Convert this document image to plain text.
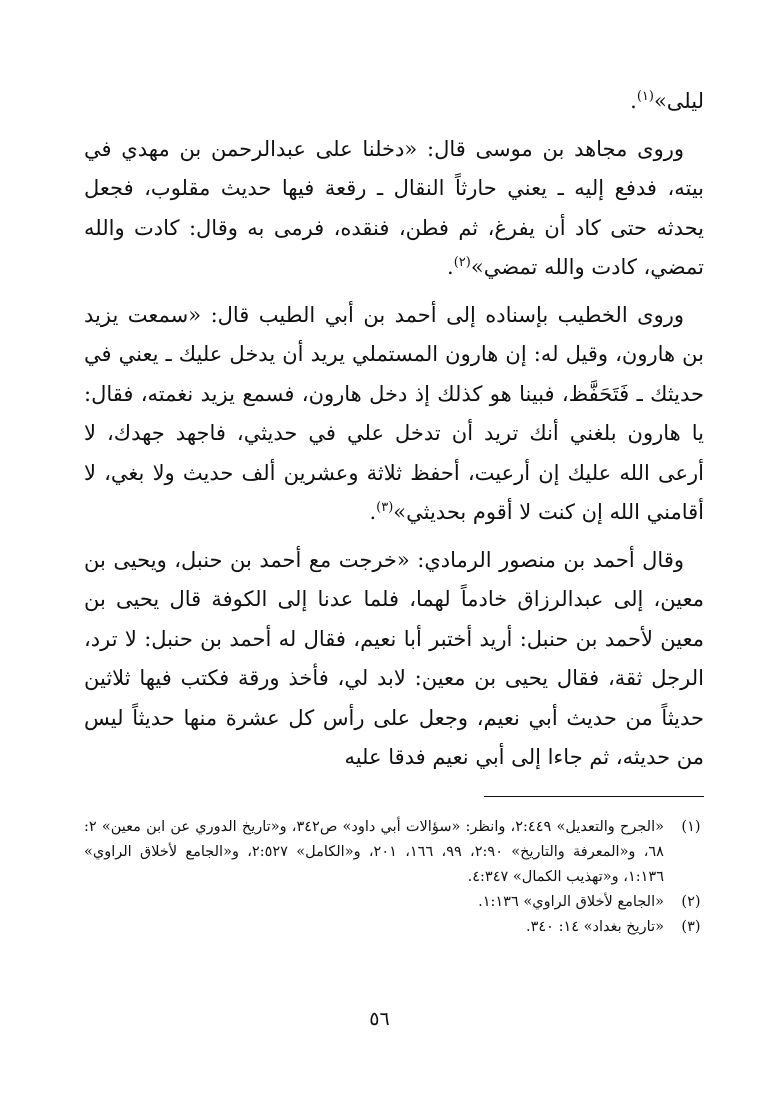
ليلى»$^{(١)}$.

وروى مجاهد بن موسى قال: «دخلنا على عبدالرحمن بن مهدي في بيته، فدفع إليه ـ يعني حارثاً النقال ـ رقعة فيها حديث مقلوب، فجعل يحدثه حتى كاد أن يفرغ، ثم فطن، فنقده، فرمى به وقال: كادت والله تمضي، كادت والله تمضي»$^{(٢)}$.

وروى الخطيب بإسناده إلى أحمد بن أبي الطيب قال: «سمعت يزيد بن هارون، وقيل له: إن هارون المستملي يريد أن يدخل عليك ـ يعني في حديثك ـ فَتَحَفَّظ، فبينا هو كذلك إذ دخل هارون، فسمع يزيد نغمته، فقال: يا هارون بلغني أنك تريد أن تدخل علي في حديثي، فاجهد جهدك، لا أرعى الله عليك إن أرعيت، أحفظ ثلاثة وعشرين ألف حديث ولا بغي، لا أقامني الله إن كنت لا أقوم بحديثي»$^{(٣)}$.

وقال أحمد بن منصور الرمادي: «خرجت مع أحمد بن حنبل، ويحيى بن معين، إلى عبدالرزاق خادماً لهما، فلما عدنا إلى الكوفة قال يحيى بن معين لأحمد بن حنبل: أريد أختبر أبا نعيم، فقال له أحمد بن حنبل: لا ترد، الرجل ثقة، فقال يحيى بن معين: لابد لي، فأخذ ورقة فكتب فيها ثلاثين حديثاً من حديث أبي نعيم، وجعل على رأس كل عشرة منها حديثاً ليس من حديثه، ثم جاءا إلى أبي نعيم فدقا عليه

(١)
«الجرح والتعديل» ٢:٤٤٩، وانظر: «سؤالات أبي داود» ص٣٤٢، و«تاريخ الدوري عن ابن معين» ٢: ٦٨، و«المعرفة والتاريخ» ٢:٩٠، ٩٩، ١٦٦، ٢٠١، و«الكامل» ٢:٥٢٧، و«الجامع لأخلاق الراوي» ١:١٣٦، و«تهذيب الكمال» ٤:٣٤٧.
(٢)
«الجامع لأخلاق الراوي» ١:١٣٦.
(٣)
«تاريخ بغداد» ١٤: ٣٤٠.
٥٦
